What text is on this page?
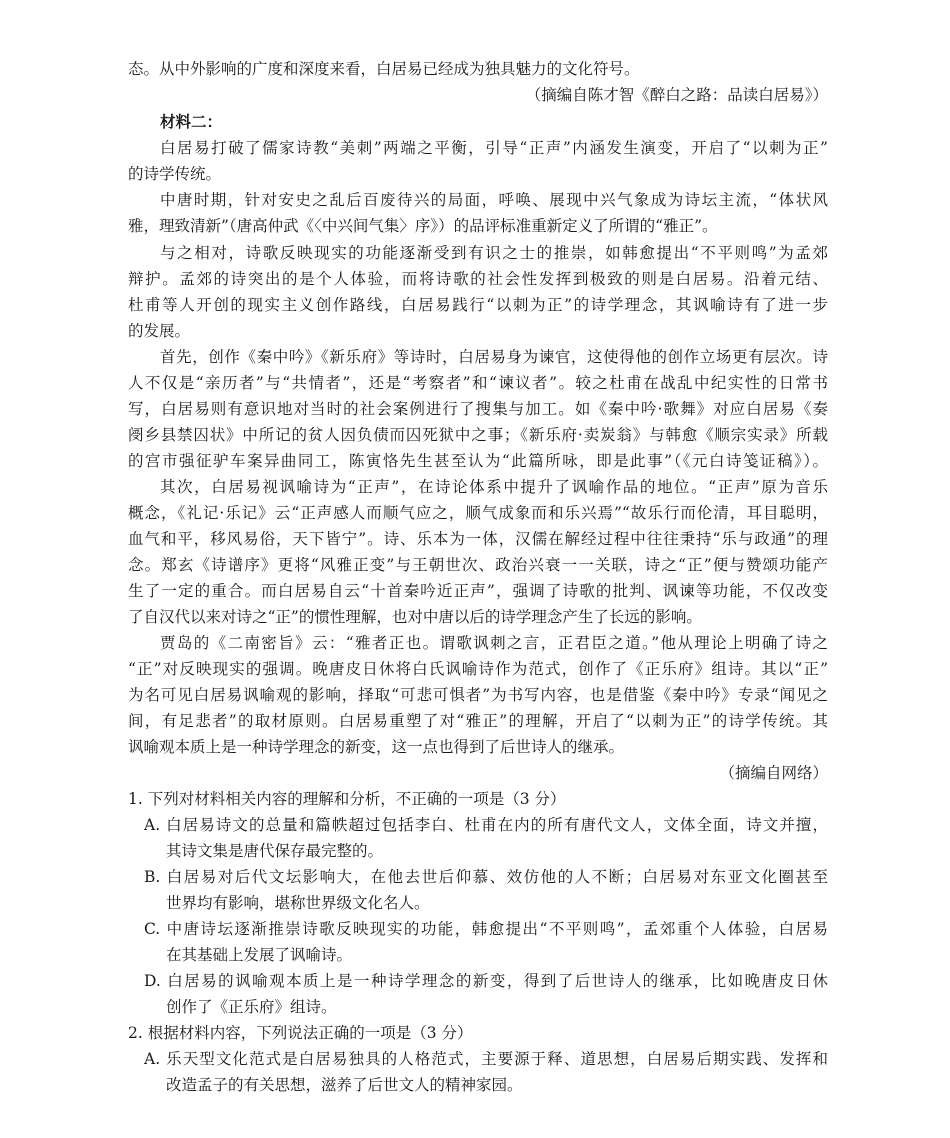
态。从中外影响的广度和深度来看，白居易已经成为独具魅力的文化符号。
（摘编自陈才智《醉白之路：品读白居易》）
材料二：
白居易打破了儒家诗教“美刺”两端之平衡，引导“正声”内涵发生演变，开启了“以刺为正”
的诗学传统。
中唐时期，针对安史之乱后百废待兴的局面，呼唤、展现中兴气象成为诗坛主流，“体状风
雅，理致清新”（唐高仲武《〈中兴间气集〉序》）的品评标准重新定义了所谓的“雅正”。
与之相对，诗歌反映现实的功能逐渐受到有识之士的推崇，如韩愈提出“不平则鸣”为孟郊
辩护。孟郊的诗突出的是个人体验，而将诗歌的社会性发挥到极致的则是白居易。沿着元结、
杜甫等人开创的现实主义创作路线，白居易践行“以刺为正”的诗学理念，其讽喻诗有了进一步
的发展。
首先，创作《秦中吟》《新乐府》等诗时，白居易身为谏官，这使得他的创作立场更有层次。诗
人不仅是“亲历者”与“共情者”，还是“考察者”和“谏议者”。较之杜甫在战乱中纪实性的日常书
写，白居易则有意识地对当时的社会案例进行了搜集与加工。如《秦中吟·歌舞》对应白居易《奏
阌乡县禁囚状》中所记的贫人因负债而囚死狱中之事；《新乐府·卖炭翁》与韩愈《顺宗实录》所载
的宫市强征驴车案异曲同工，陈寅恪先生甚至认为“此篇所咏，即是此事”（《元白诗笺证稿》）。
其次，白居易视讽喻诗为“正声”，在诗论体系中提升了讽喻作品的地位。“正声”原为音乐
概念，《礼记·乐记》云“正声感人而顺气应之，顺气成象而和乐兴焉”“故乐行而伦清，耳目聪明，
血气和平，移风易俗，天下皆宁”。诗、乐本为一体，汉儒在解经过程中往往秉持“乐与政通”的理
念。郑玄《诗谱序》更将“风雅正变”与王朝世次、政治兴衰一一关联，诗之“正”便与赞颂功能产
生了一定的重合。而白居易自云“十首秦吟近正声”，强调了诗歌的批判、讽谏等功能，不仅改变
了自汉代以来对诗之“正”的惯性理解，也对中唐以后的诗学理念产生了长远的影响。
贾岛的《二南密旨》云：“雅者正也。谓歌讽刺之言，正君臣之道。”他从理论上明确了诗之
“正”对反映现实的强调。晚唐皮日休将白氏讽喻诗作为范式，创作了《正乐府》组诗。其以“正”
为名可见白居易讽喻观的影响，择取“可悲可惧者”为书写内容，也是借鉴《秦中吟》专录“闻见之
间，有足悲者”的取材原则。白居易重塑了对“雅正”的理解，开启了“以刺为正”的诗学传统。其
讽喻观本质上是一种诗学理念的新变，这一点也得到了后世诗人的继承。
（摘编自网络）
1. 下列对材料相关内容的理解和分析，不正确的一项是（3 分）
A. 白居易诗文的总量和篇帙超过包括李白、杜甫在内的所有唐代文人，文体全面，诗文并擅，
其诗文集是唐代保存最完整的。
B. 白居易对后代文坛影响大，在他去世后仰慕、效仿他的人不断；白居易对东亚文化圈甚至
世界均有影响，堪称世界级文化名人。
C. 中唐诗坛逐渐推崇诗歌反映现实的功能，韩愈提出“不平则鸣”，孟郊重个人体验，白居易
在其基础上发展了讽喻诗。
D. 白居易的讽喻观本质上是一种诗学理念的新变，得到了后世诗人的继承，比如晚唐皮日休
创作了《正乐府》组诗。
2. 根据材料内容，下列说法正确的一项是（3 分）
A. 乐天型文化范式是白居易独具的人格范式，主要源于释、道思想，白居易后期实践、发挥和
改造孟子的有关思想，滋养了后世文人的精神家园。
